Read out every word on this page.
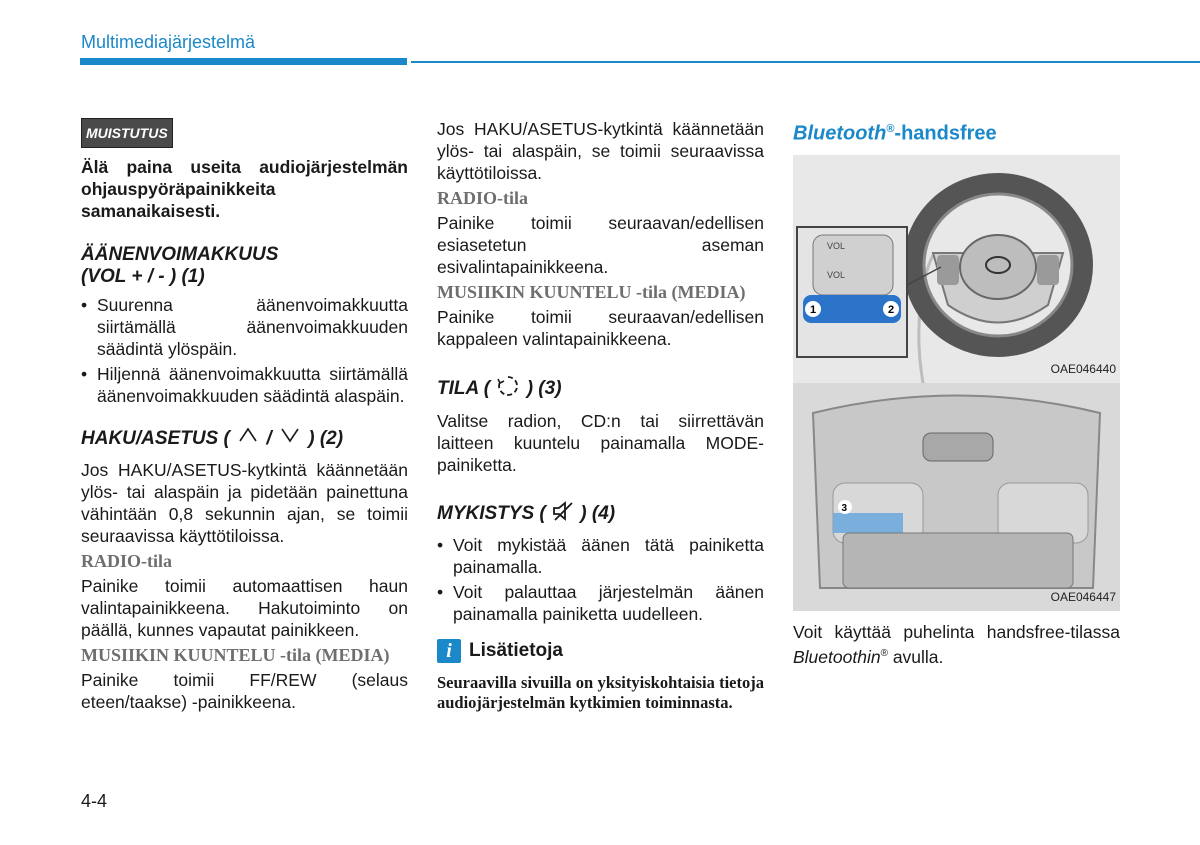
Multimediajärjestelmä
MUISTUTUS

Älä paina useita audiojärjestelmän ohjauspyöräpainikkeita samanaikaisesti.

ÄÄNENVOIMAKKUUS
(VOL + / - ) (1)
• Suurenna äänenvoimakkuutta siirtämällä äänenvoimakkuuden säädintä ylöspäin.
• Hiljennä äänenvoimakkuutta siirtämällä äänenvoimakkuuden säädintä alaspäin.
HAKU/ASETUS ( / ) (2)

Jos HAKU/ASETUS-kytkintä käännetään ylös- tai alaspäin ja pidetään painettuna vähintään 0,8 sekunnin ajan, se toimii seuraavissa käyttötiloissa.

RADIO-tila

Painike toimii automaattisen haun valintapainikkeena. Hakutoiminto on päällä, kunnes vapautat painikkeen.

MUSIIKIN KUUNTELU -tila (MEDIA)

Painike toimii FF/REW (selaus eteen/taakse) -painikkeena.

Jos HAKU/ASETUS-kytkintä käännetään ylös- tai alaspäin, se toimii seuraavissa käyttötiloissa.

RADIO-tila

Painike toimii seuraavan/edellisen esiasetetun aseman esivalintapainikkeena.

MUSIIKIN KUUNTELU -tila (MEDIA)

Painike toimii seuraavan/edellisen kappaleen valintapainikkeena.

TILA ( ) (3)

Valitse radion, CD:n tai siirrettävän laitteen kuuntelu painamalla MODE-painiketta.

MYKISTYS ( ) (4)
• Voit mykistää äänen tätä painiketta painamalla.
• Voit palauttaa järjestelmän äänen painamalla painiketta uudelleen.
i Lisätietoja
Seuraavilla sivuilla on yksityiskohtaisia tietoja audiojärjestelmän kytkimien toiminnasta.
Bluetooth®-handsfree
VOL
VOL
1	2
OAE046440
3
OAE046447

Voit käyttää puhelinta handsfree-tilassa Bluetoothin® avulla.

4-4
